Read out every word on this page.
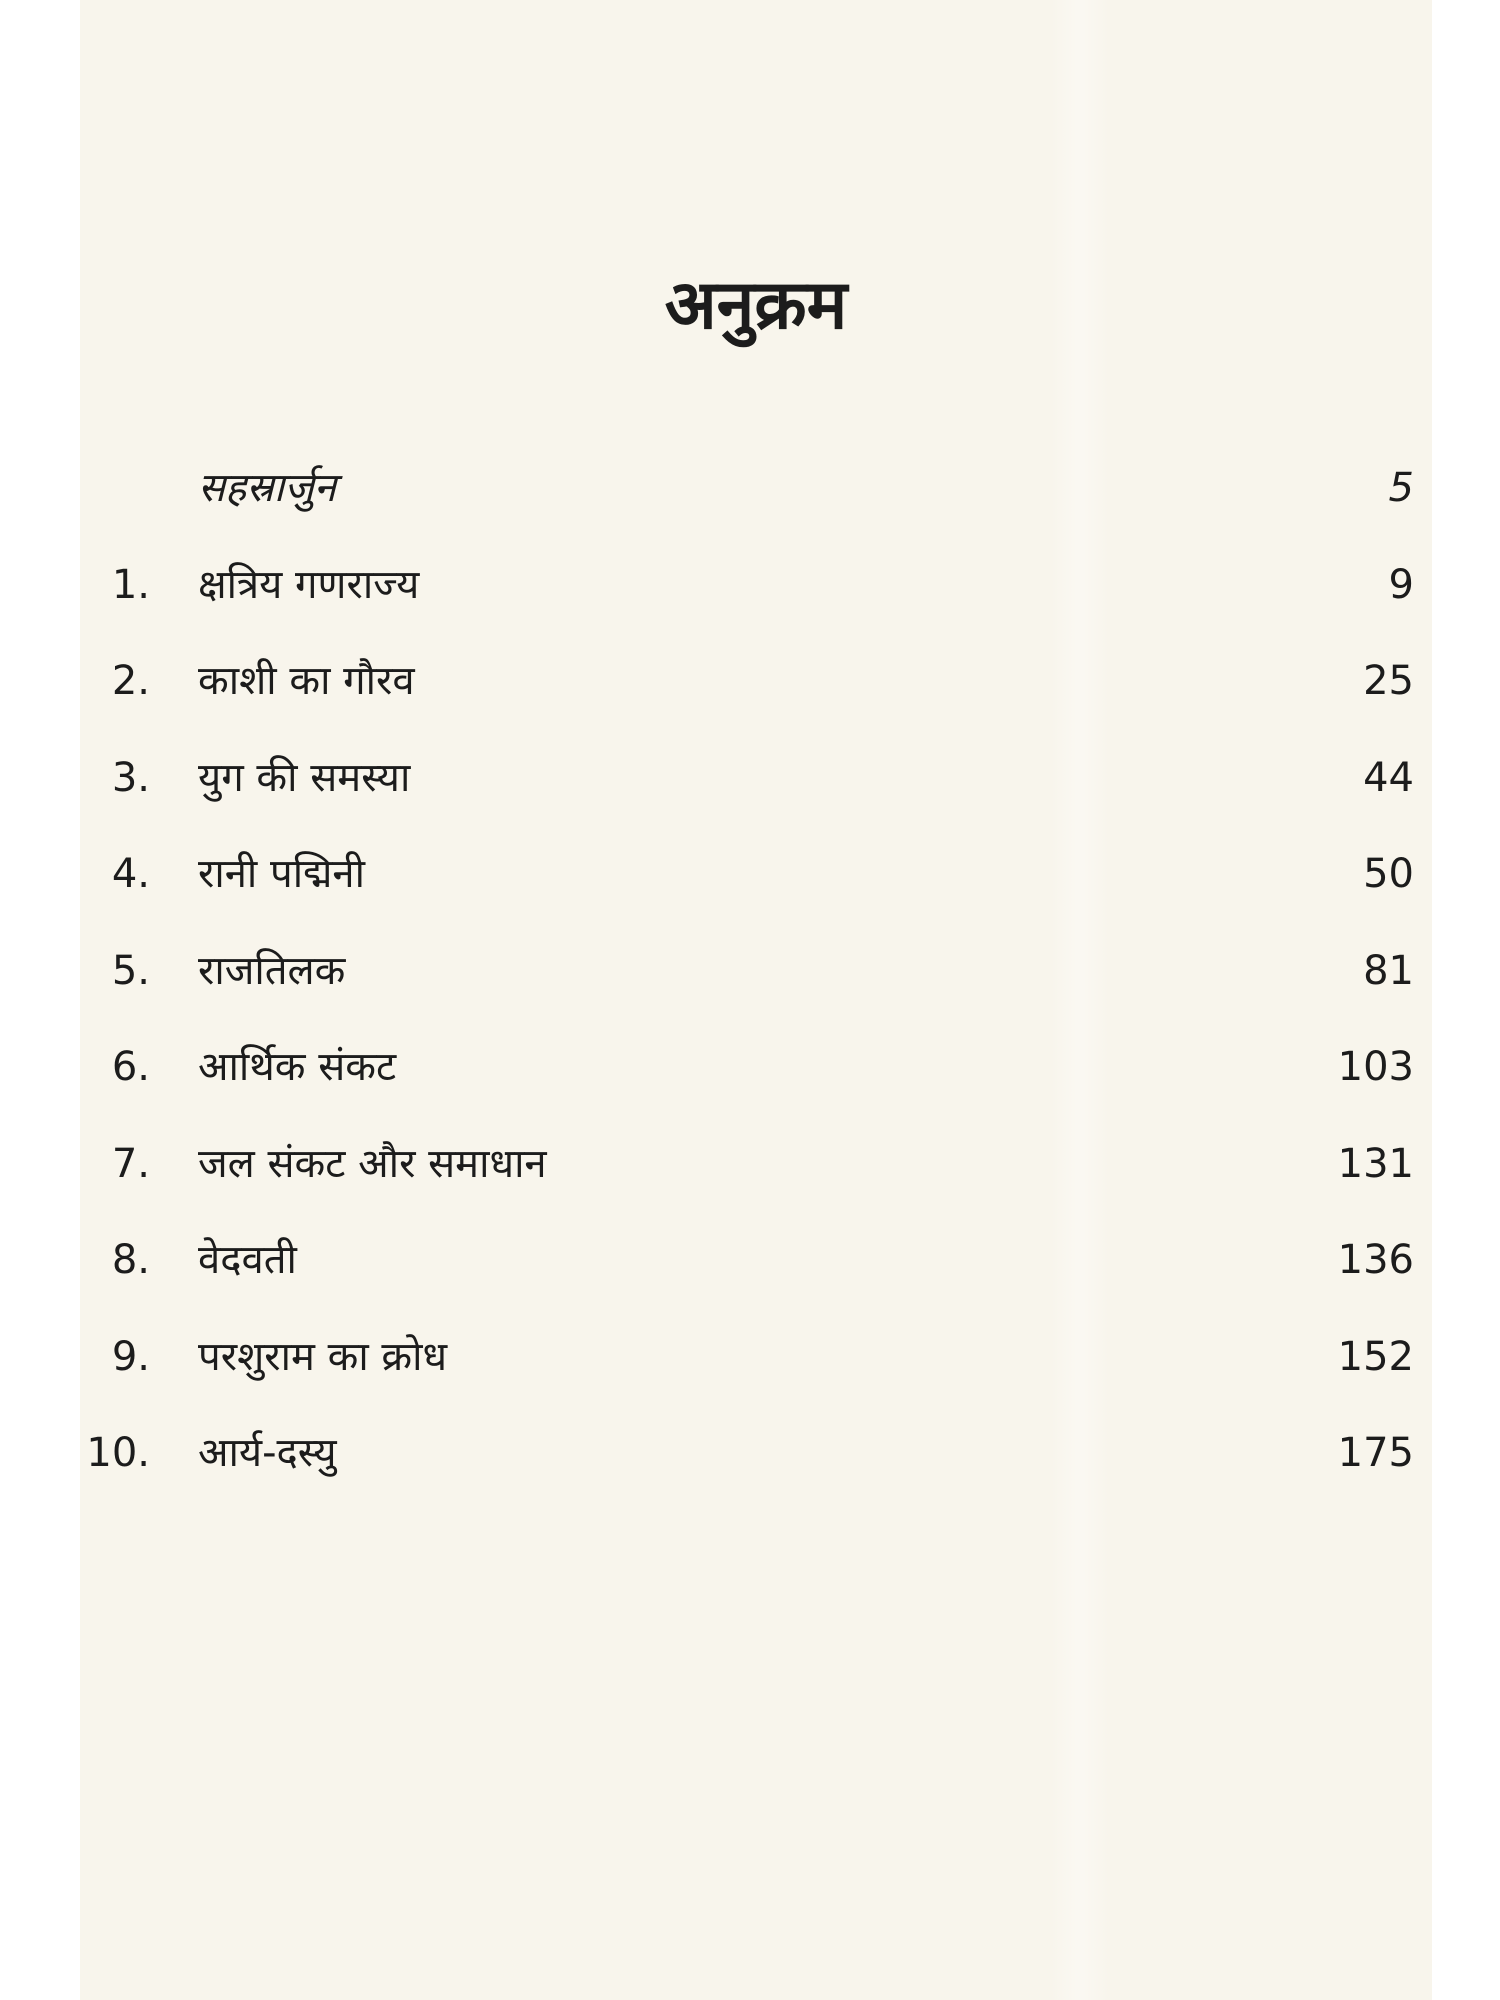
अनुक्रम
सहस्रार्जुन	5
1. क्षत्रिय गणराज्य	9
2. काशी का गौरव	25
3. युग की समस्या	44
4. रानी पद्मिनी	50
5. राजतिलक	81
6. आर्थिक संकट	103
7. जल संकट और समाधान	131
8. वेदवती	136
9. परशुराम का क्रोध	152
10. आर्य-दस्यु	175
